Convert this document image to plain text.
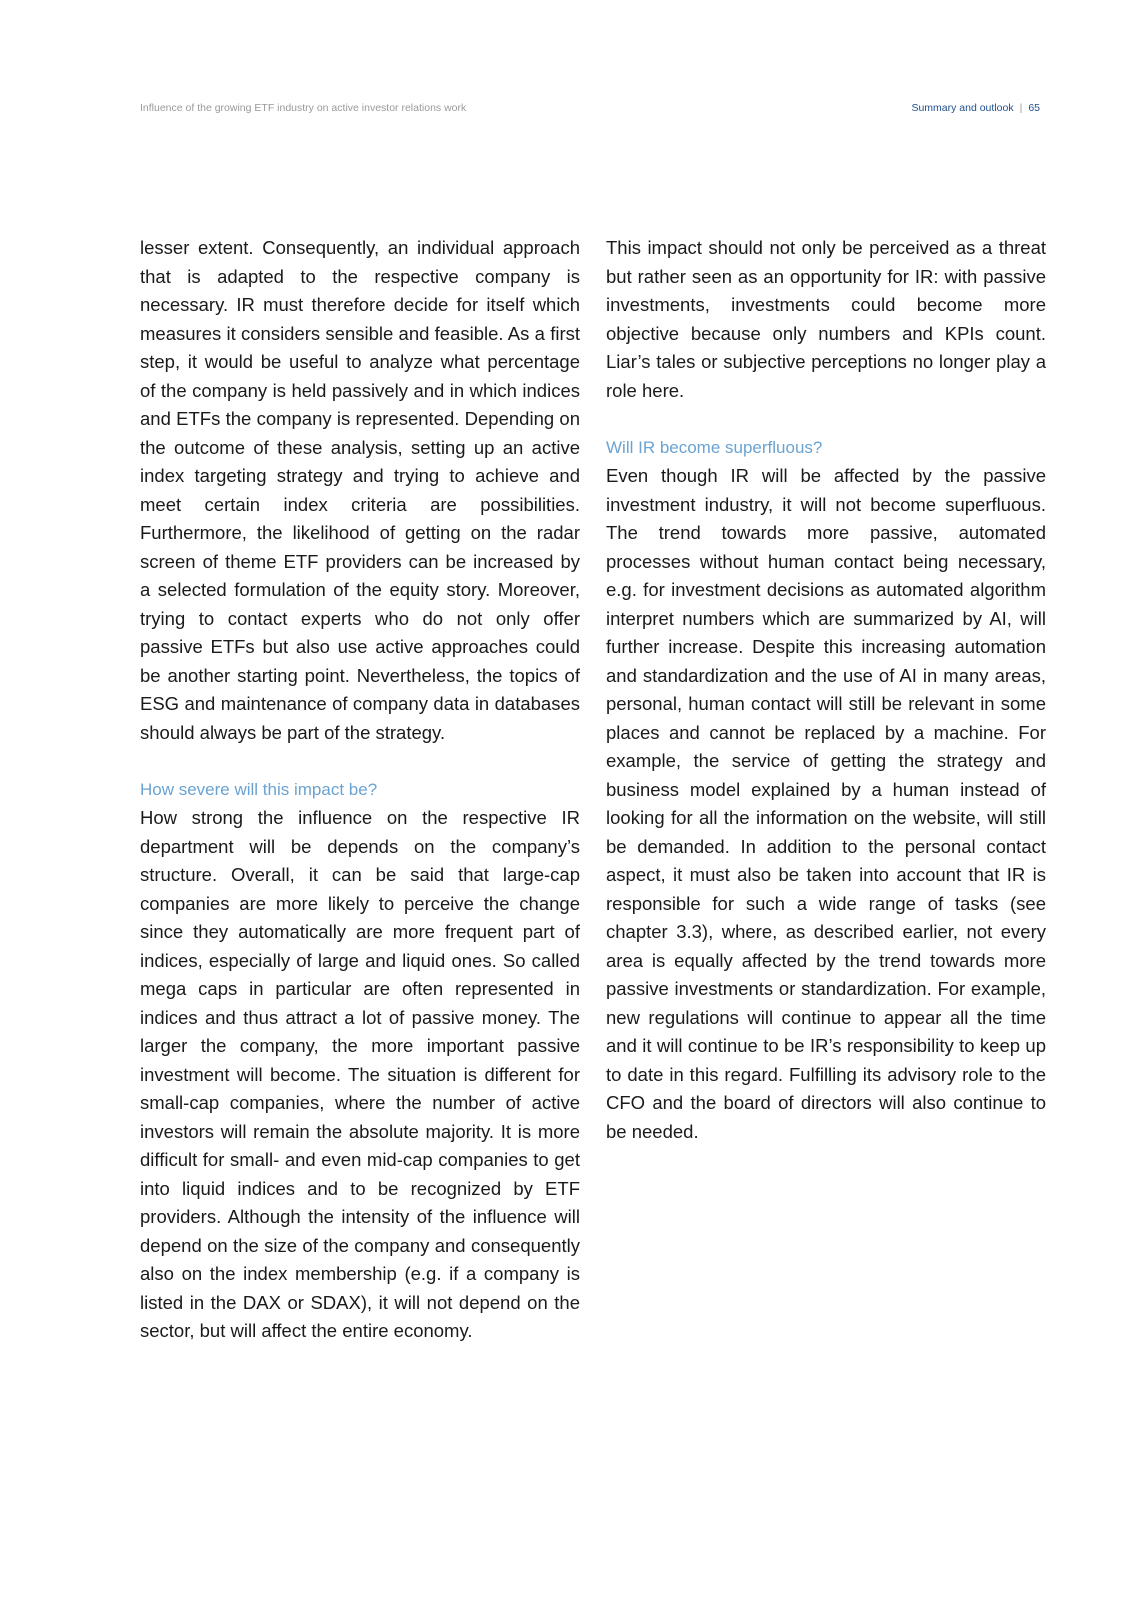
Influence of the growing ETF industry on active investor relations work	Summary and outlook | 65

lesser extent. Consequently, an individual approach that is adapted to the respective company is necessary. IR must therefore decide for itself which measures it considers sensible and feasible. As a first step, it would be useful to analyze what percentage of the company is held passively and in which indices and ETFs the company is represented. Depending on the outcome of these analysis, setting up an active index targeting strategy and trying to achieve and meet certain index criteria are possibilities. Furthermore, the likelihood of getting on the radar screen of theme ETF providers can be increased by a selected formulation of the equity story. Moreover, trying to contact experts who do not only offer passive ETFs but also use active approaches could be another starting point. Nevertheless, the topics of ESG and maintenance of company data in databases should always be part of the strategy.

How severe will this impact be?

How strong the influence on the respective IR department will be depends on the company’s structure. Overall, it can be said that large-cap companies are more likely to perceive the change since they automatically are more frequent part of indices, especially of large and liquid ones. So called mega caps in particular are often represented in indices and thus attract a lot of passive money. The larger the company, the more important passive investment will become. The situation is different for small-cap companies, where the number of active investors will remain the absolute majority. It is more difficult for small- and even mid-cap companies to get into liquid indices and to be recognized by ETF providers. Although the intensity of the influence will depend on the size of the company and consequently also on the index membership (e.g. if a company is listed in the DAX or SDAX), it will not depend on the sector, but will affect the entire economy.

This impact should not only be perceived as a threat but rather seen as an opportunity for IR: with passive investments, investments could become more objective because only numbers and KPIs count. Liar’s tales or subjective perceptions no longer play a role here.

Will IR become superfluous?

Even though IR will be affected by the passive investment industry, it will not become superfluous. The trend towards more passive, automated processes without human contact being necessary, e.g. for investment decisions as automated algorithm interpret numbers which are summarized by AI, will further increase. Despite this increasing automation and standardization and the use of AI in many areas, personal, human contact will still be relevant in some places and cannot be replaced by a machine. For example, the service of getting the strategy and business model explained by a human instead of looking for all the information on the website, will still be demanded. In addition to the personal contact aspect, it must also be taken into account that IR is responsible for such a wide range of tasks (see chapter 3.3), where, as described earlier, not every area is equally affected by the trend towards more passive investments or standardization. For example, new regulations will continue to appear all the time and it will continue to be IR’s responsibility to keep up to date in this regard. Fulfilling its advisory role to the CFO and the board of directors will also continue to be needed.
